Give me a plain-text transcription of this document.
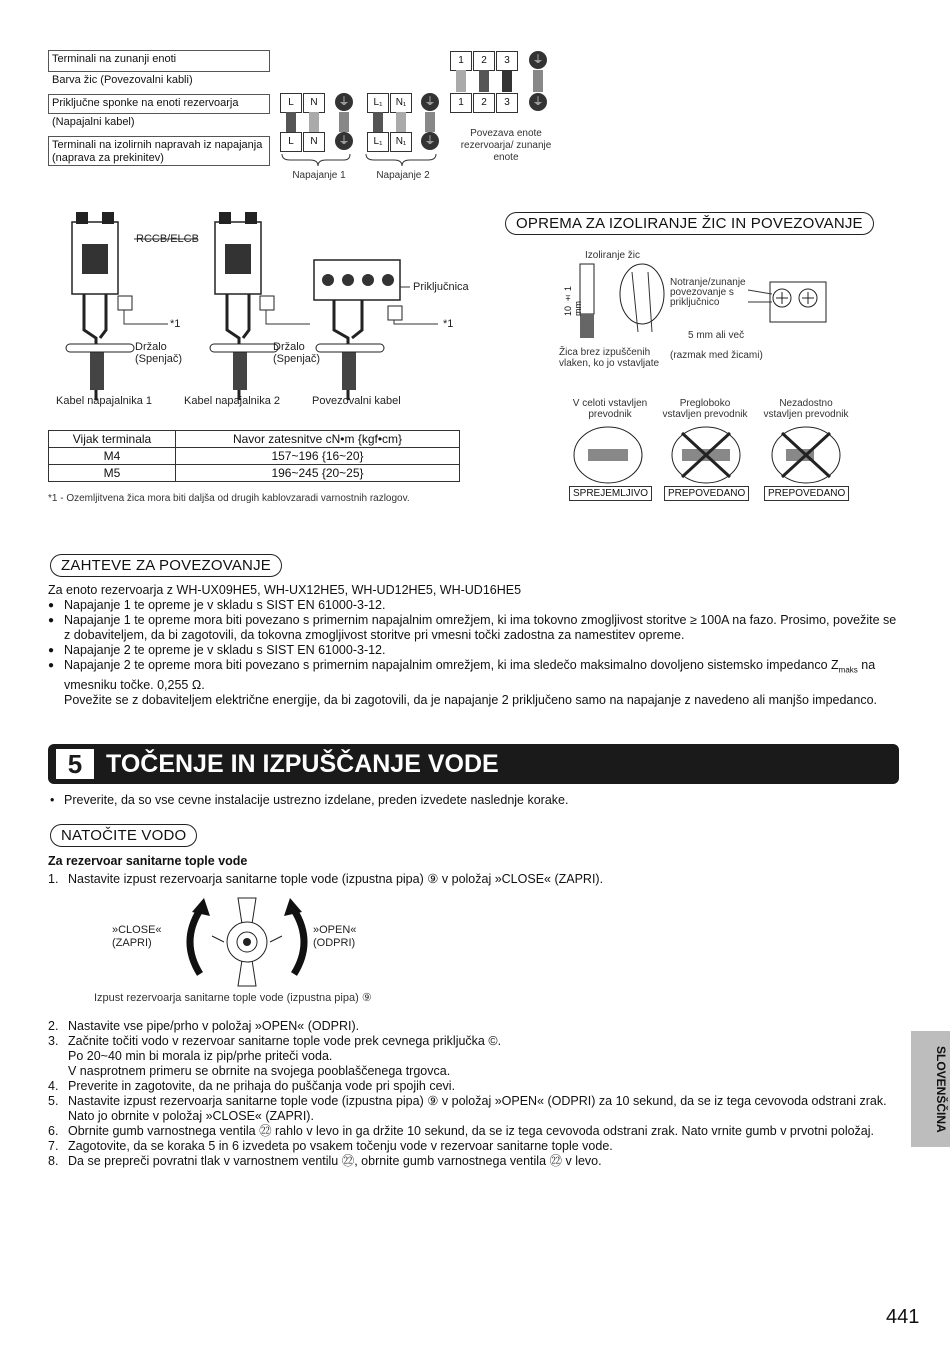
Terminali na zunanji enoti
Barva žic (Povezovalni kabli)
Priključne sponke na enoti rezervoarja
(Napajalni kabel)
Terminali na izolirnih napravah iz napajanja (naprava za prekinitev)
1	2	3	⏚
1	2	3	⏚
Povezava enote rezervoarja/ zunanje enote
L	N	⏚
L	N	⏚
Napajanje 1
L₁	N₁	⏚
L₁	N₁	⏚
Napajanje 2
RCCB/ELCB
Priključnica
*1	*1
Držalo (Spenjač)
Držalo (Spenjač)
Kabel napajalnika 1	Kabel napajalnika 2	Povezovalni kabel
Vijak terminala	Navor zatesnitve cN•m {kgf•cm}
M4	157~196 {16~20}
M5	196~245 {20~25}
*1 - Ozemljitvena žica mora biti daljša od drugih kablovzaradi varnostnih razlogov.
OPREMA ZA IZOLIRANJE ŽIC IN POVEZOVANJE
Izoliranje žic
10 ± 1 mm
Žica brez izpuščenih vlaken, ko jo vstavljate
Notranje/zunanje povezovanje s priključnico
5 mm ali več
(razmak med žicami)
V celoti vstavljen prevodnik
Pregloboko vstavljen prevodnik
Nezadostno vstavljen prevodnik
SPREJEMLJIVO	PREPOVEDANO	PREPOVEDANO
ZAHTEVE ZA POVEZOVANJE
Za enoto rezervoarja z WH-UX09HE5, WH-UX12HE5, WH-UD12HE5, WH-UD16HE5
● Napajanje 1 te opreme je v skladu s SIST EN 61000-3-12.
● Napajanje 1 te opreme mora biti povezano s primernim napajalnim omrežjem, ki ima tokovno zmogljivost storitve ≥ 100A na fazo. Prosimo, povežite se z dobaviteljem, da bi zagotovili, da tokovna zmogljivost storitve pri vmesni točki zadostna za namestitev opreme.
● Napajanje 2 te opreme je v skladu s SIST EN 61000-3-12.
● Napajanje 2 te opreme mora biti povezano s primernim napajalnim omrežjem, ki ima sledečo maksimalno dovoljeno sistemsko impedanco $Z_{maks}$ na vmesniku točke. 0,255 Ω.
Povežite se z dobaviteljem električne energije, da bi zagotovili, da je napajanje 2 priključeno samo na napajanje z navedeno ali manjšo impedanco.
5 TOČENJE IN IZPUŠČANJE VODE
• Preverite, da so vse cevne instalacije ustrezno izdelane, preden izvedete naslednje korake.
NATOČITE VODO
Za rezervoar sanitarne tople vode
1. Nastavite izpust rezervoarja sanitarne tople vode (izpustna pipa) ⑨ v položaj »CLOSE« (ZAPRI).
»CLOSE« (ZAPRI)
»OPEN« (ODPRI)
Izpust rezervoarja sanitarne tople vode (izpustna pipa) ⑨
2. Nastavite vse pipe/prho v položaj »OPEN« (ODPRI).
3. Začnite točiti vodo v rezervoar sanitarne tople vode prek cevnega priključka ©.
Po 20~40 min bi morala iz pip/prhe priteči voda.
V nasprotnem primeru se obrnite na svojega pooblaščenega trgovca.
4. Preverite in zagotovite, da ne prihaja do puščanja vode pri spojih cevi.
5. Nastavite izpust rezervoarja sanitarne tople vode (izpustna pipa) ⑨ v položaj »OPEN« (ODPRI) za 10 sekund, da se iz tega cevovoda odstrani zrak. Nato jo obrnite v položaj »CLOSE« (ZAPRI).
6. Obrnite gumb varnostnega ventila ㉒ rahlo v levo in ga držite 10 sekund, da se iz tega cevovoda odstrani zrak. Nato vrnite gumb v prvotni položaj.
7. Zagotovite, da se koraka 5 in 6 izvedeta po vsakem točenju vode v rezervoar sanitarne tople vode.
8. Da se prepreči povratni tlak v varnostnem ventilu ㉒, obrnite gumb varnostnega ventila ㉒ v levo.
SLOVENŠČINA
441
